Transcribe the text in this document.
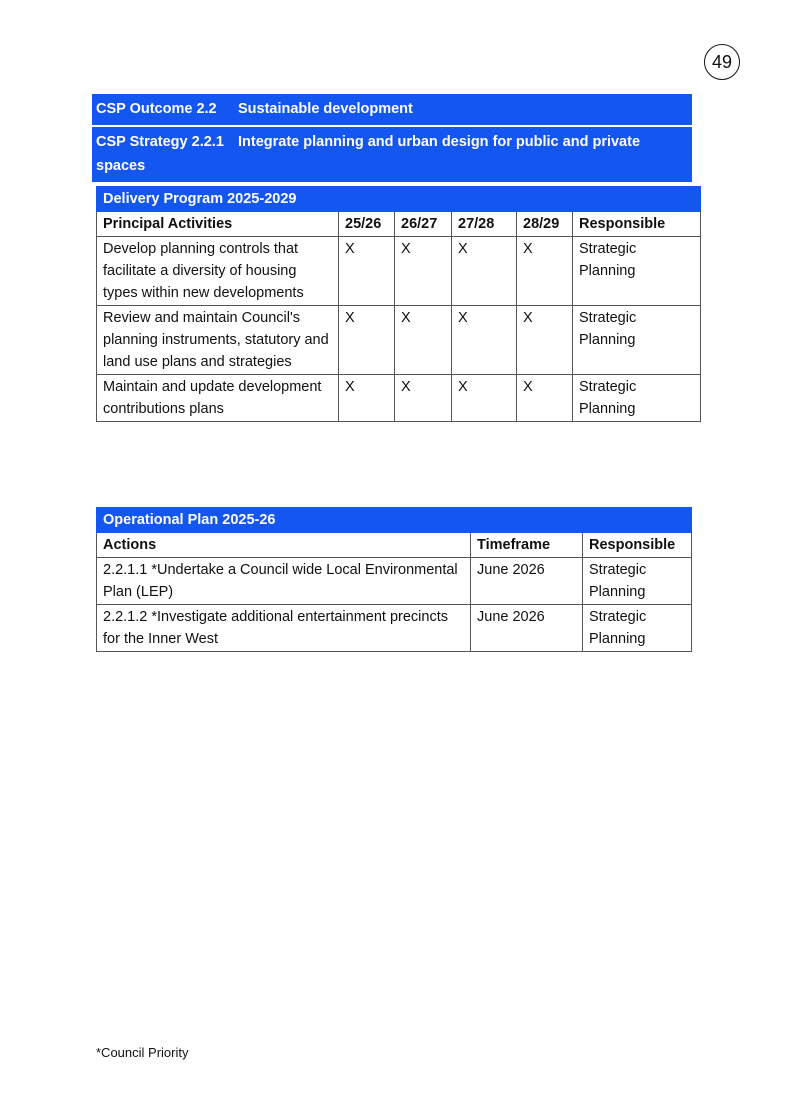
49
CSP Outcome 2.2 Sustainable development
CSP Strategy 2.2.1 Integrate planning and urban design for public and private spaces
Delivery Program 2025-2029					
Principal Activities	25/26	26/27	27/28	28/29	Responsible
Develop planning controls that facilitate a diversity of housing types within new developments	X	X	X	X	Strategic Planning
Review and maintain Council's planning instruments, statutory and land use plans and strategies	X	X	X	X	Strategic Planning
Maintain and update development contributions plans	X	X	X	X	Strategic Planning
Operational Plan 2025-26		
Actions	Timeframe	Responsible
2.2.1.1 *Undertake a Council wide Local Environmental Plan (LEP)	June 2026	Strategic Planning
2.2.1.2 *Investigate additional entertainment precincts for the Inner West	June 2026	Strategic Planning
*Council Priority
